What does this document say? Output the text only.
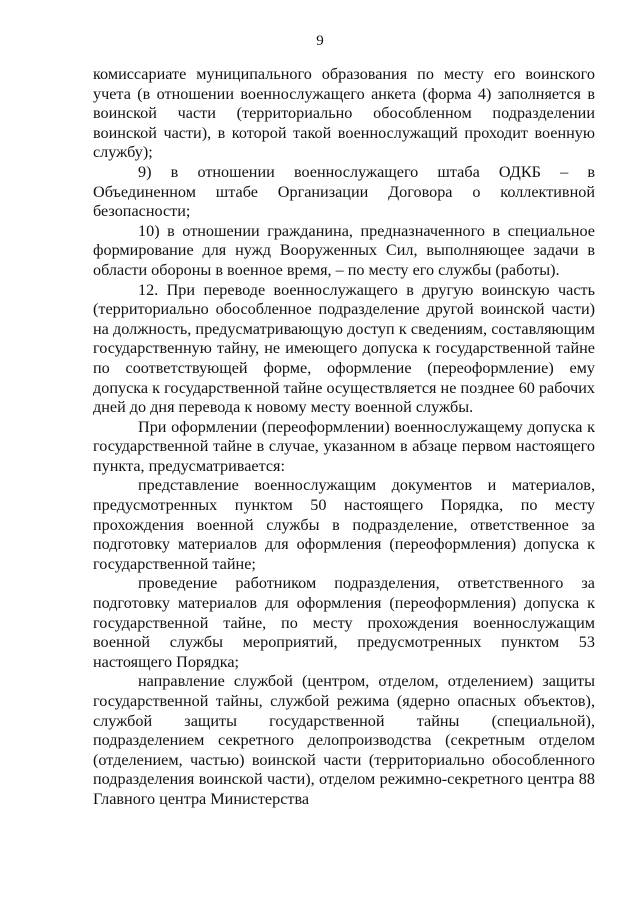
9

комиссариате муниципального образования по месту его воинского учета (в отношении военнослужащего анкета (форма 4) заполняется в воинской части (территориально обособленном подразделении воинской части), в которой такой военнослужащий проходит военную службу);

9) в отношении военнослужащего штаба ОДКБ – в Объединенном штабе Организации Договора о коллективной безопасности;

10) в отношении гражданина, предназначенного в специальное формирование для нужд Вооруженных Сил, выполняющее задачи в области обороны в военное время, – по месту его службы (работы).

12. При переводе военнослужащего в другую воинскую часть (территориально обособленное подразделение другой воинской части) на должность, предусматривающую доступ к сведениям, составляющим государственную тайну, не имеющего допуска к государственной тайне по соответствующей форме, оформление (переоформление) ему допуска к государственной тайне осуществляется не позднее 60 рабочих дней до дня перевода к новому месту военной службы.

При оформлении (переоформлении) военнослужащему допуска к государственной тайне в случае, указанном в абзаце первом настоящего пункта, предусматривается:

представление военнослужащим документов и материалов, предусмотренных пунктом 50 настоящего Порядка, по месту прохождения военной службы в подразделение, ответственное за подготовку материалов для оформления (переоформления) допуска к государственной тайне;

проведение работником подразделения, ответственного за подготовку материалов для оформления (переоформления) допуска к государственной тайне, по месту прохождения военнослужащим военной службы мероприятий, предусмотренных пунктом 53 настоящего Порядка;

направление службой (центром, отделом, отделением) защиты государственной тайны, службой режима (ядерно опасных объектов), службой защиты государственной тайны (специальной), подразделением секретного делопроизводства (секретным отделом (отделением, частью) воинской части (территориально обособленного подразделения воинской части), отделом режимно-секретного центра 88 Главного центра Министерства
